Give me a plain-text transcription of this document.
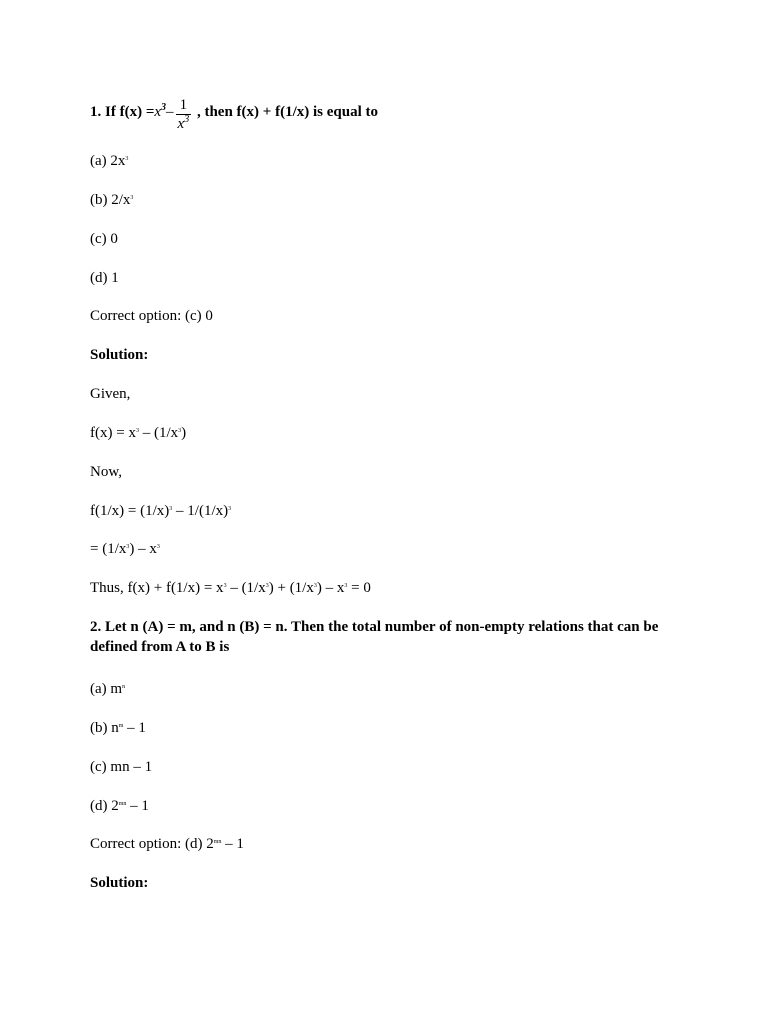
1. If $f(x) =x^3- \frac{1}{x^3}$ , then f(x) + f(1/x) is equal to
(a) $2x^3$
(b) $2/x^3$
(c) 0
(d) 1
Correct option: (c) 0
Solution:
Given,
$f(x) = x^3 - (1/x^3)$
Now,
$f(1/x) = (1/x)^3 - 1/(1/x)^3$
= $(1/x^3) - x^3$
Thus, $f(x) + f(1/x) = x^3 - (1/x^3) + (1/x^3) - x^3 = 0$
2. Let n (A) = m, and n (B) = n. Then the total number of non-empty relations that can be defined from A to B is
(a) $m^n$
(b) $n^m - 1$
(c) mn – 1
(d) $2^{mn} - 1$
Correct option: (d) $2^{mn} - 1$
Solution:
